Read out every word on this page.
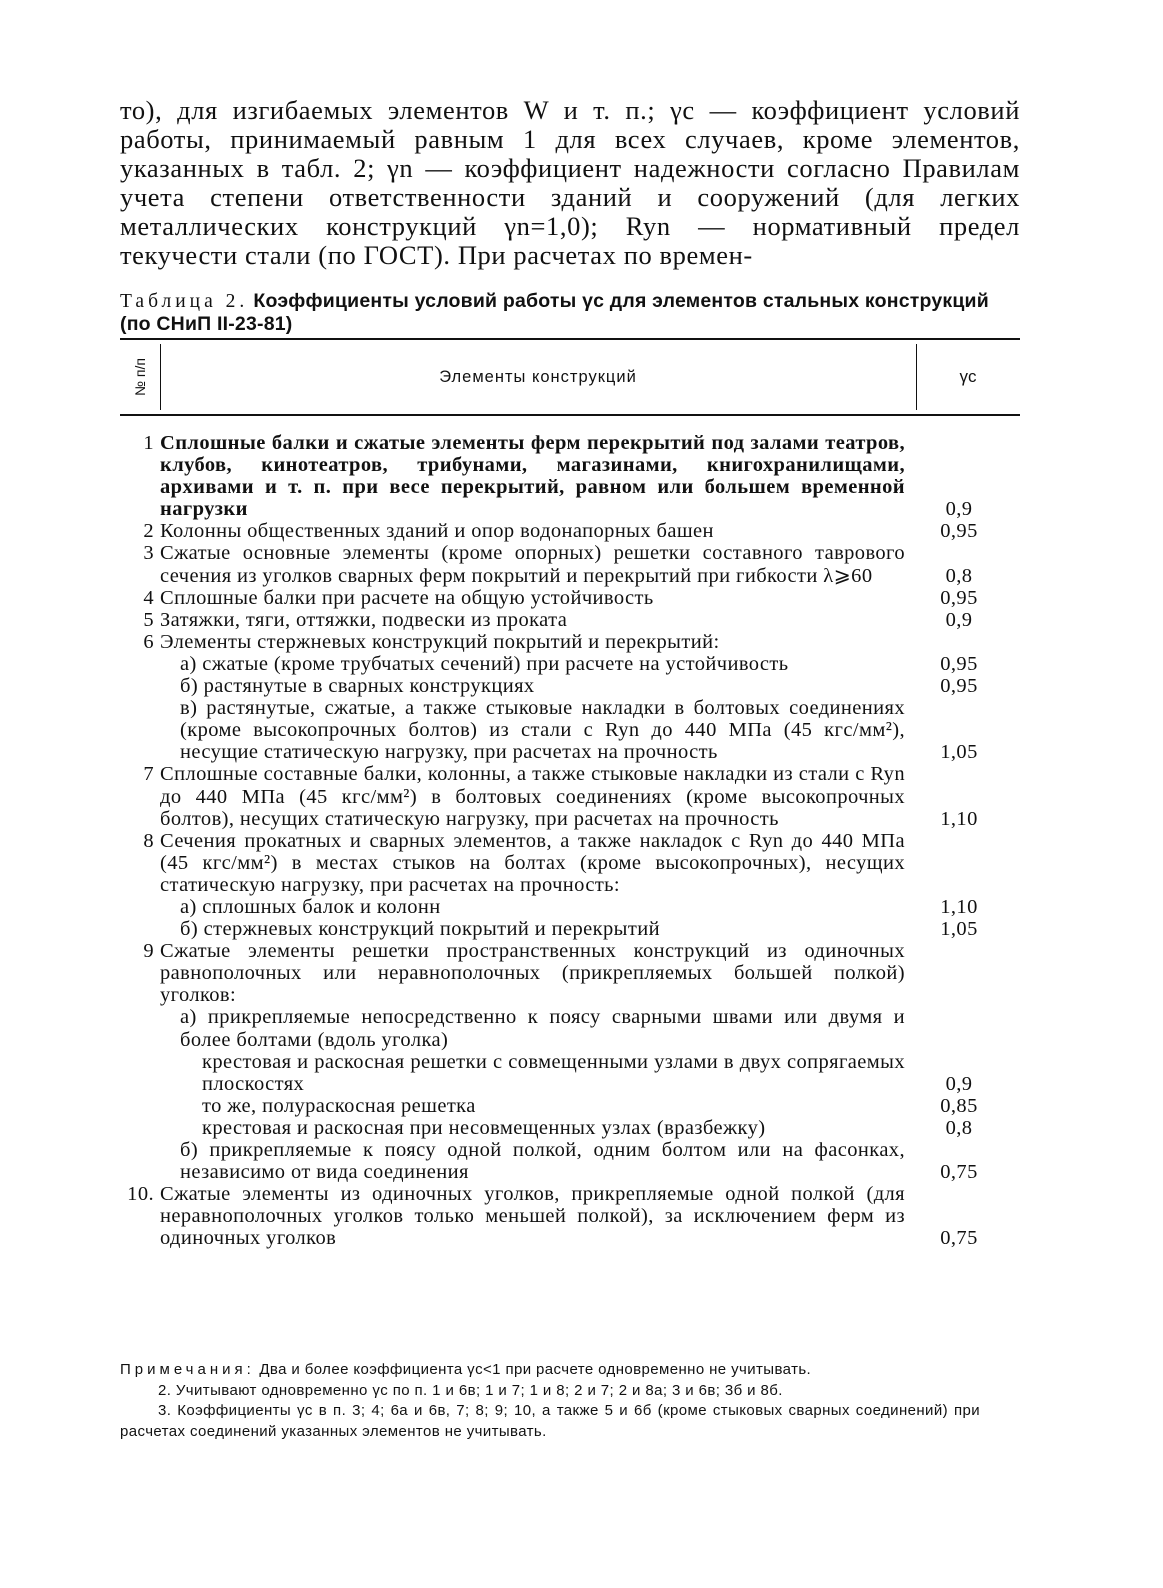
то), для изгибаемых элементов W и т. п.; γc — коэффициент условий работы, принимаемый равным 1 для всех случаев, кроме элементов, указанных в табл. 2; γn — коэффициент надежности согласно Правилам учета степени ответственности зданий и сооружений (для легких металлических конструкций γn=1,0); Ryn — нормативный предел текучести стали (по ГОСТ). При расчетах по времен-

Таблица 2. Коэффициенты условий работы γc для элементов стальных конструкций (по СНиП II-23-81)
№ п/п	Элементы конструкций	γc
1 Сплошные балки и сжатые элементы ферм перекрытий под залами театров, клубов, кинотеатров, трибунами, магазинами, книгохранилищами, архивами и т. п. при весе перекрытий, равном или большем временной нагрузки	0,9
2 Колонны общественных зданий и опор водонапорных башен	0,95
3 Сжатые основные элементы (кроме опорных) решетки составного таврового сечения из уголков сварных ферм покрытий и перекрытий при гибкости λ⩾60	0,8
4 Сплошные балки при расчете на общую устойчивость	0,95
5 Затяжки, тяги, оттяжки, подвески из проката	0,9
6 Элементы стержневых конструкций покрытий и перекрытий:
а) сжатые (кроме трубчатых сечений) при расчете на устойчивость	0,95
б) растянутые в сварных конструкциях	0,95
в) растянутые, сжатые, а также стыковые накладки в болтовых соединениях (кроме высокопрочных болтов) из стали с Ryn до 440 МПа (45 кгс/мм²), несущие статическую нагрузку, при расчетах на прочность	1,05
7 Сплошные составные балки, колонны, а также стыковые накладки из стали с Ryn до 440 МПа (45 кгс/мм²) в болтовых соединениях (кроме высокопрочных болтов), несущих статическую нагрузку, при расчетах на прочность	1,10
8 Сечения прокатных и сварных элементов, а также накладок с Ryn до 440 МПа (45 кгс/мм²) в местах стыков на болтах (кроме высокопрочных), несущих статическую нагрузку, при расчетах на прочность:
а) сплошных балок и колонн	1,10
б) стержневых конструкций покрытий и перекрытий	1,05
9 Сжатые элементы решетки пространственных конструкций из одиночных равнополочных или неравнополочных (прикрепляемых большей полкой) уголков:
а) прикрепляемые непосредственно к поясу сварными швами или двумя и более болтами (вдоль уголка)
крестовая и раскосная решетки с совмещенными узлами в двух сопрягаемых плоскостях	0,9
то же, полураскосная решетка	0,85
крестовая и раскосная при несовмещенных узлах (вразбежку)	0,8
б) прикрепляемые к поясу одной полкой, одним болтом или на фасонках, независимо от вида соединения	0,75
10. Сжатые элементы из одиночных уголков, прикрепляемые одной полкой (для неравнополочных уголков только меньшей полкой), за исключением ферм из одиночных уголков	0,75

Примечания: Два и более коэффициента γc<1 при расчете одновременно не учитывать.

2. Учитывают одновременно γc по п. 1 и 6в; 1 и 7; 1 и 8; 2 и 7; 2 и 8а; 3 и 6в; 3б и 8б.

3. Коэффициенты γc в п. 3; 4; 6а и 6в, 7; 8; 9; 10, а также 5 и 6б (кроме стыковых сварных соединений) при расчетах соединений указанных элементов не учитывать.
